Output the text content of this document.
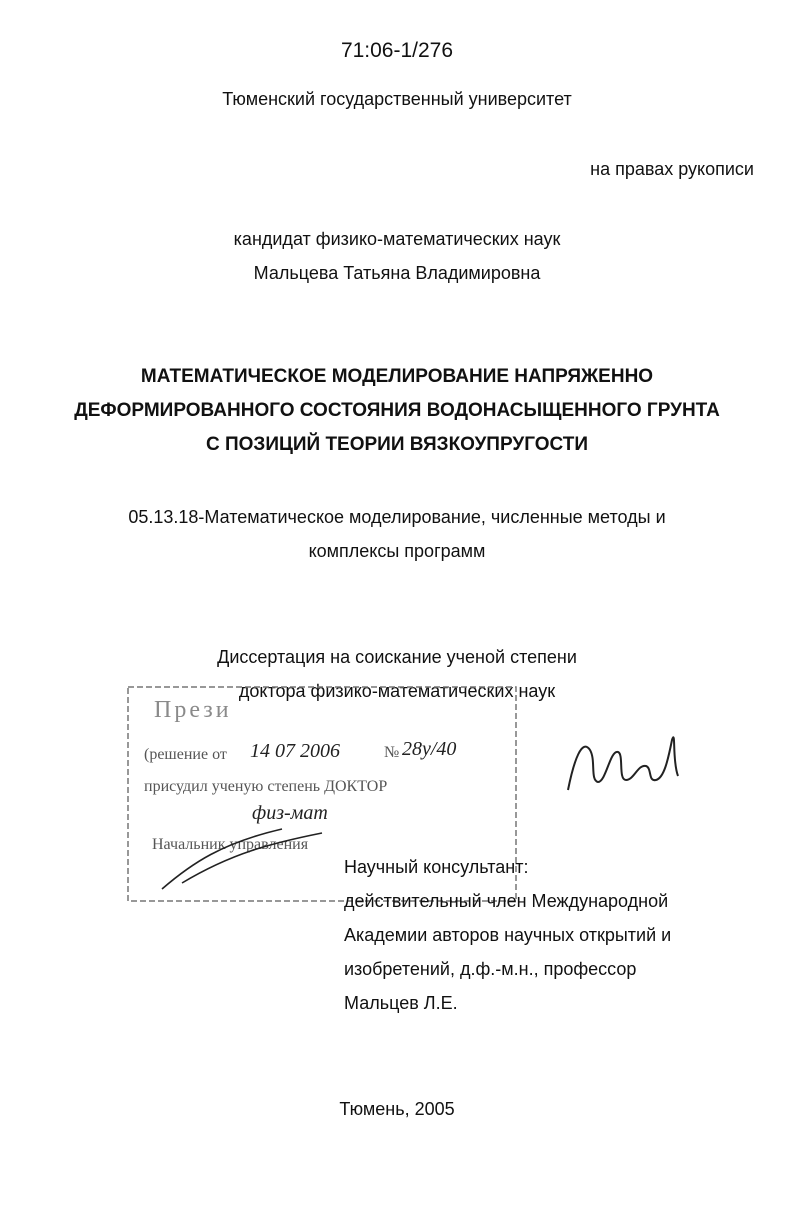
71:06-1/276
Тюменский государственный университет
на правах рукописи
кандидат физико-математических наук
Мальцева Татьяна Владимировна
МАТЕМАТИЧЕСКОЕ МОДЕЛИРОВАНИЕ НАПРЯЖЕННО
ДЕФОРМИРОВАННОГО СОСТОЯНИЯ ВОДОНАСЫЩЕННОГО ГРУНТА
С ПОЗИЦИЙ ТЕОРИИ ВЯЗКОУПРУГОСТИ
05.13.18-Математическое моделирование, численные методы и
комплексы программ
Диссертация на соискание ученой степени
доктора физико-математических наук
Прези
(решение от 14 07 2006	№ 28у/40
присудил ученую степень ДОКТОР
физ-мат
Начальник управления
Маш
Научный консультант:
действительный член Международной
Академии авторов научных открытий и
изобретений, д.ф.-м.н., профессор
Мальцев Л.Е.
Тюмень, 2005
